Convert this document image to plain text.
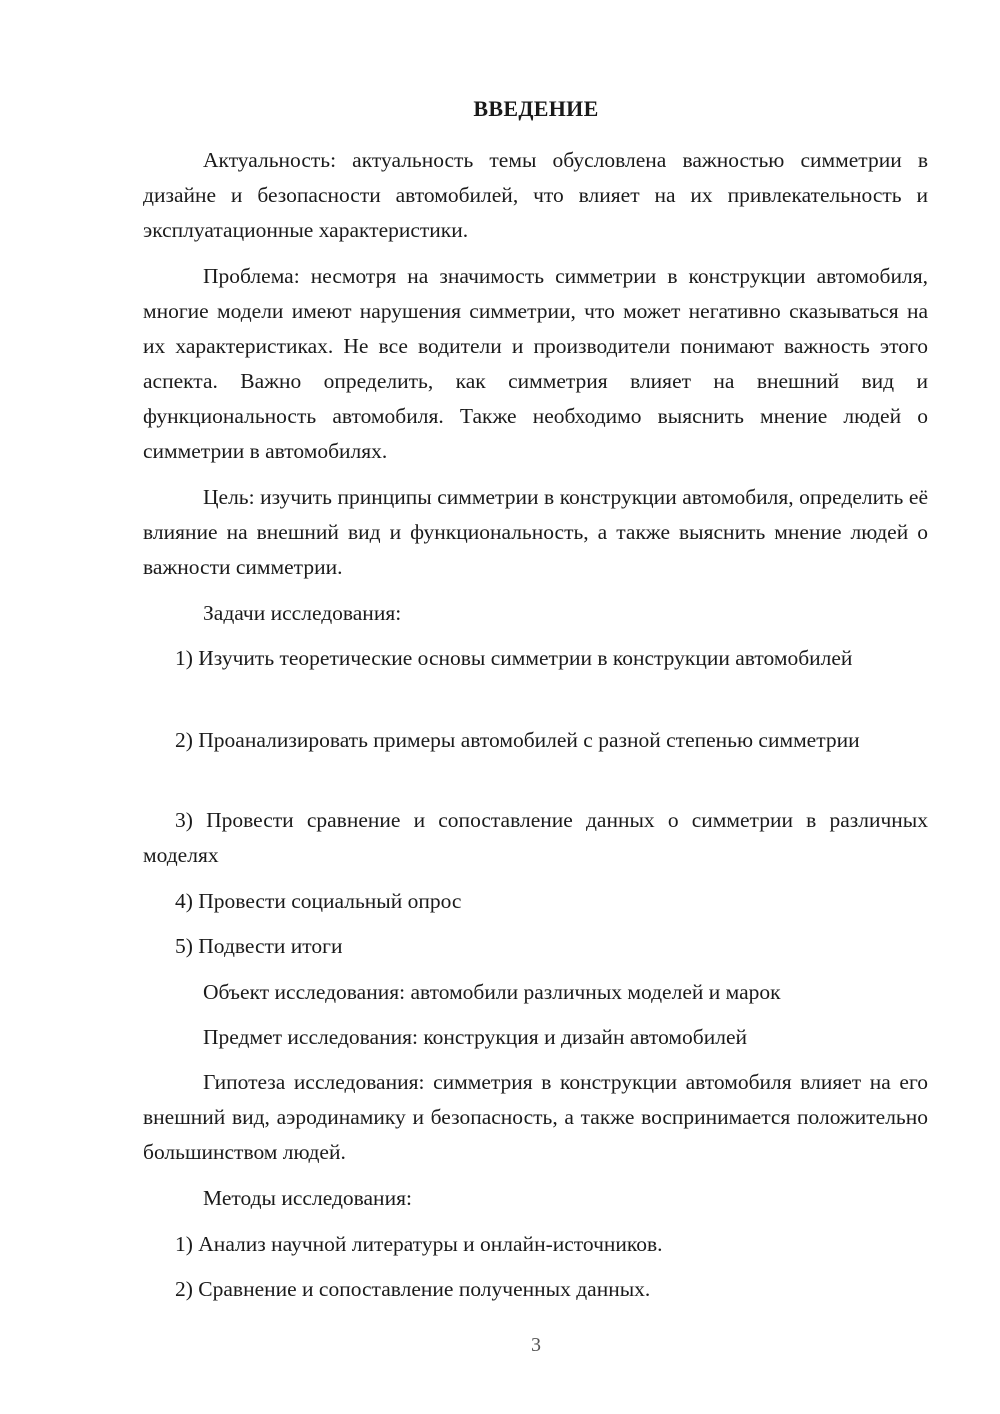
ВВЕДЕНИЕ

Актуальность: актуальность темы обусловлена важностью симметрии в дизайне и безопасности автомобилей, что влияет на их привлекательность и эксплуатационные характеристики.

Проблема: несмотря на значимость симметрии в конструкции автомобиля, многие модели имеют нарушения симметрии, что может негативно сказываться на их характеристиках. Не все водители и производители понимают важность этого аспекта. Важно определить, как симметрия влияет на внешний вид и функциональность автомобиля. Также необходимо выяснить мнение людей о симметрии в автомобилях.

Цель: изучить принципы симметрии в конструкции автомобиля, определить её влияние на внешний вид и функциональность, а также выяснить мнение людей о важности симметрии.

Задачи исследования:

1) Изучить теоретические основы симметрии в конструкции автомобилей

2) Проанализировать примеры автомобилей с разной степенью симметрии

3) Провести сравнение и сопоставление данных о симметрии в различных моделях

4) Провести социальный опрос

5) Подвести итоги

Объект исследования: автомобили различных моделей и марок

Предмет исследования: конструкция и дизайн автомобилей

Гипотеза исследования: симметрия в конструкции автомобиля влияет на его внешний вид, аэродинамику и безопасность, а также воспринимается положительно большинством людей.

Методы исследования:

1) Анализ научной литературы и онлайн-источников.

2) Сравнение и сопоставление полученных данных.

3
